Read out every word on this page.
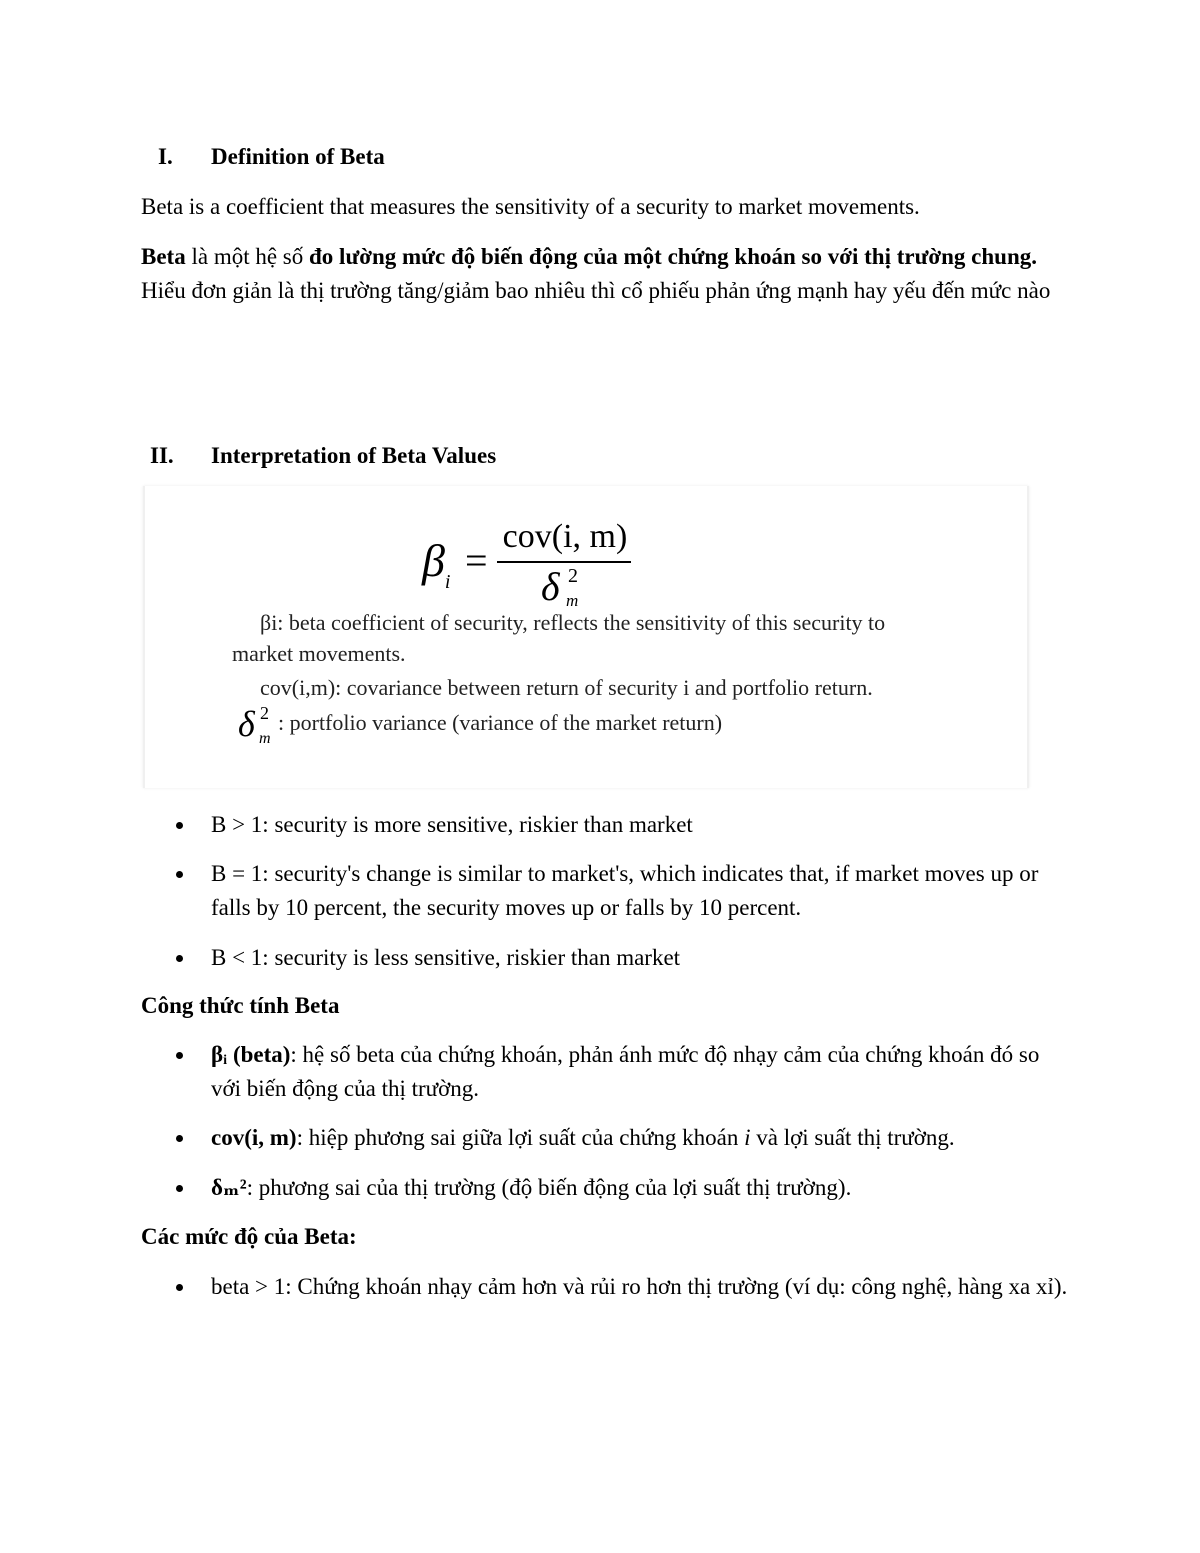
I. Definition of Beta
Beta is a coefficient that measures the sensitivity of a security to market movements.
Beta là một hệ số đo lường mức độ biến động của một chứng khoán so với thị trường chung. Hiểu đơn giản là thị trường tăng/giảm bao nhiêu thì cổ phiếu phản ứng mạnh hay yếu đến mức nào
II. Interpretation of Beta Values
$\beta_i$ =
cov(i, m)
δ 2
m
βi: beta coefficient of security, reflects the sensitivity of this security to
market movements.
cov(i,m): covariance between return of security i and portfolio return.
δ 2
m
: portfolio variance (variance of the market return)
B > 1: security is more sensitive, riskier than market
B = 1: security's change is similar to market's, which indicates that, if market moves up or falls by 10 percent, the security moves up or falls by 10 percent.
B < 1: security is less sensitive, riskier than market
Công thức tính Beta
βᵢ (beta): hệ số beta của chứng khoán, phản ánh mức độ nhạy cảm của chứng khoán đó so với biến động của thị trường.
cov(i, m): hiệp phương sai giữa lợi suất của chứng khoán i và lợi suất thị trường.
δₘ²: phương sai của thị trường (độ biến động của lợi suất thị trường).
Các mức độ của Beta:
beta > 1: Chứng khoán nhạy cảm hơn và rủi ro hơn thị trường (ví dụ: công nghệ, hàng xa xỉ).
